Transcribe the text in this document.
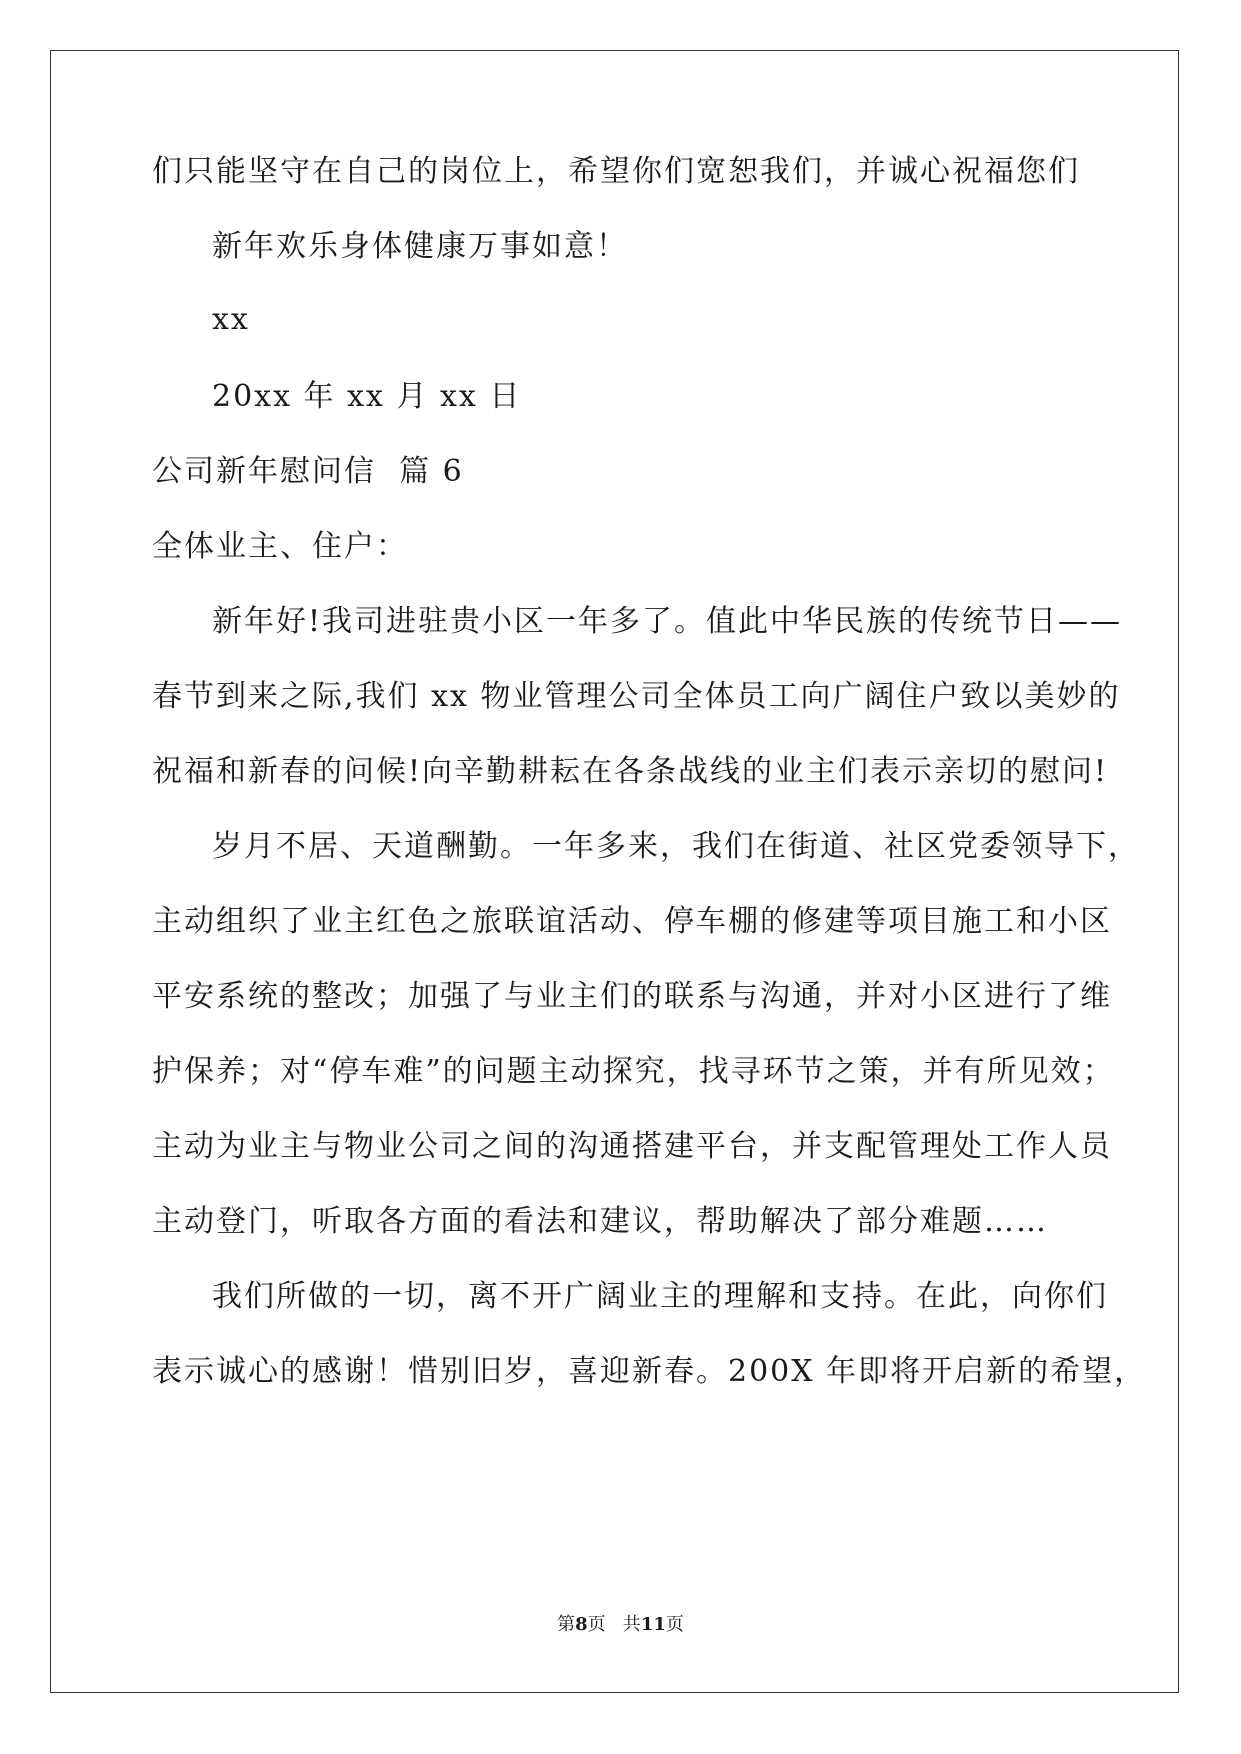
们只能坚守在自己的岗位上，希望你们宽恕我们，并诚心祝福您们
新年欢乐身体健康万事如意！
xx
20xx 年 xx 月 xx 日
公司新年慰问信  篇 6
全体业主、住户：
新年好!我司进驻贵小区一年多了。值此中华民族的传统节日——
春节到来之际,我们 xx 物业管理公司全体员工向广阔住户致以美妙的
祝福和新春的问候!向辛勤耕耘在各条战线的业主们表示亲切的慰问!
岁月不居、天道酬勤。一年多来，我们在街道、社区党委领导下，
主动组织了业主红色之旅联谊活动、停车棚的修建等项目施工和小区
平安系统的整改；加强了与业主们的联系与沟通，并对小区进行了维
护保养；对“停车难”的问题主动探究，找寻环节之策，并有所见效；
主动为业主与物业公司之间的沟通搭建平台，并支配管理处工作人员
主动登门，听取各方面的看法和建议，帮助解决了部分难题……
我们所做的一切，离不开广阔业主的理解和支持。在此，向你们
表示诚心的感谢！惜别旧岁，喜迎新春。200X 年即将开启新的希望，
第8页   共11页
